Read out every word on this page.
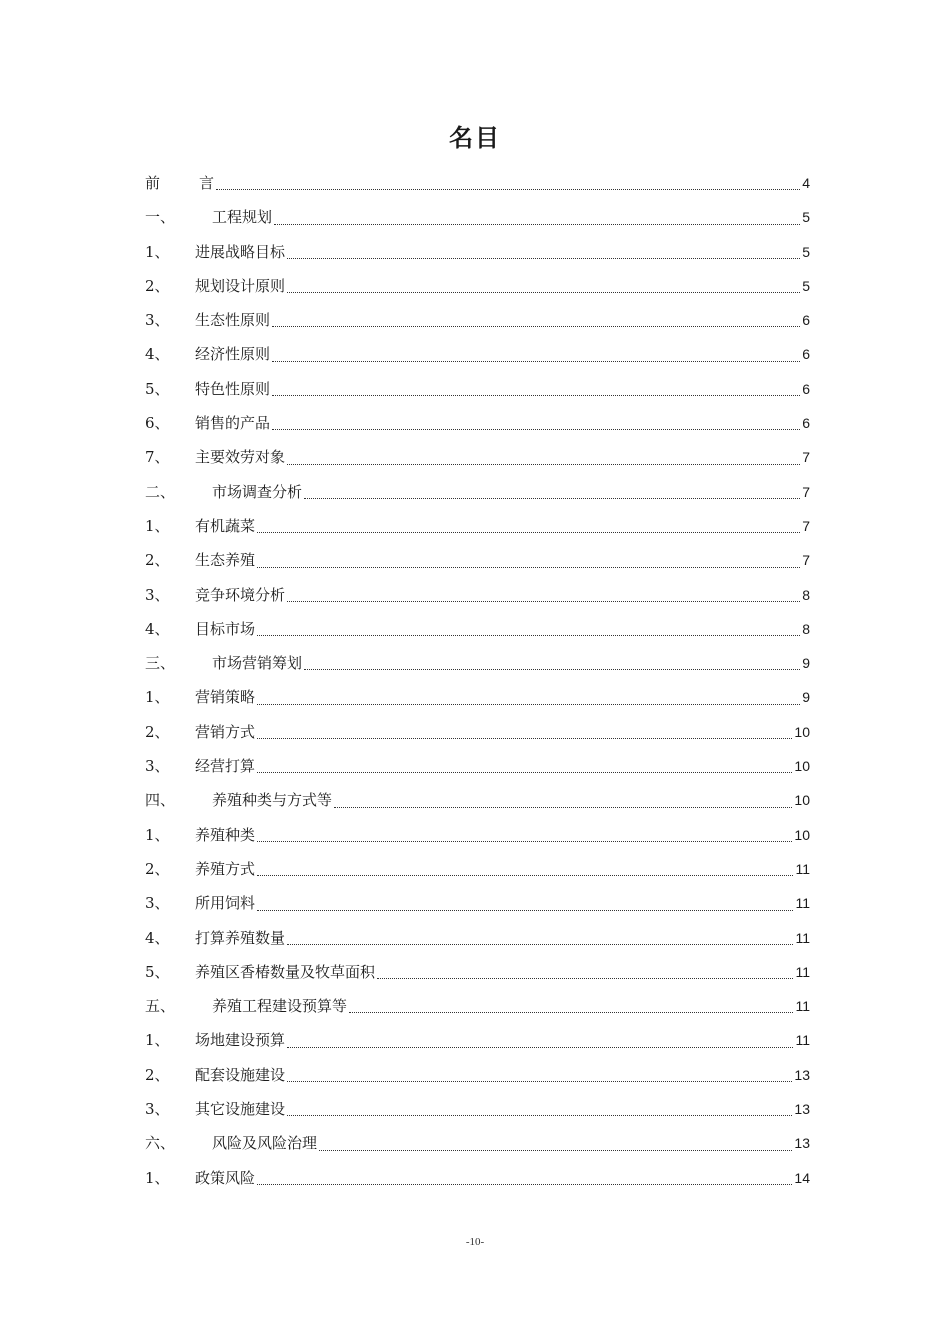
名目
前	言	4
一、	工程规划	5
1、	进展战略目标	5
2、	规划设计原则	5
3、	生态性原则	6
4、	经济性原则	6
5、	特色性原则	6
6、	销售的产品	6
7、	主要效劳对象	7
二、	市场调查分析	7
1、	有机蔬菜	7
2、	生态养殖	7
3、	竞争环境分析	8
4、	目标市场	8
三、	市场营销筹划	9
1、	营销策略	9
2、	营销方式	10
3、	经营打算	10
四、	养殖种类与方式等	10
1、	养殖种类	10
2、	养殖方式	11
3、	所用饲料	11
4、	打算养殖数量	11
5、	养殖区香椿数量及牧草面积	11
五、	养殖工程建设预算等	11
1、	场地建设预算	11
2、	配套设施建设	13
3、	其它设施建设	13
六、	风险及风险治理	13
1、	政策风险	14
-10-
